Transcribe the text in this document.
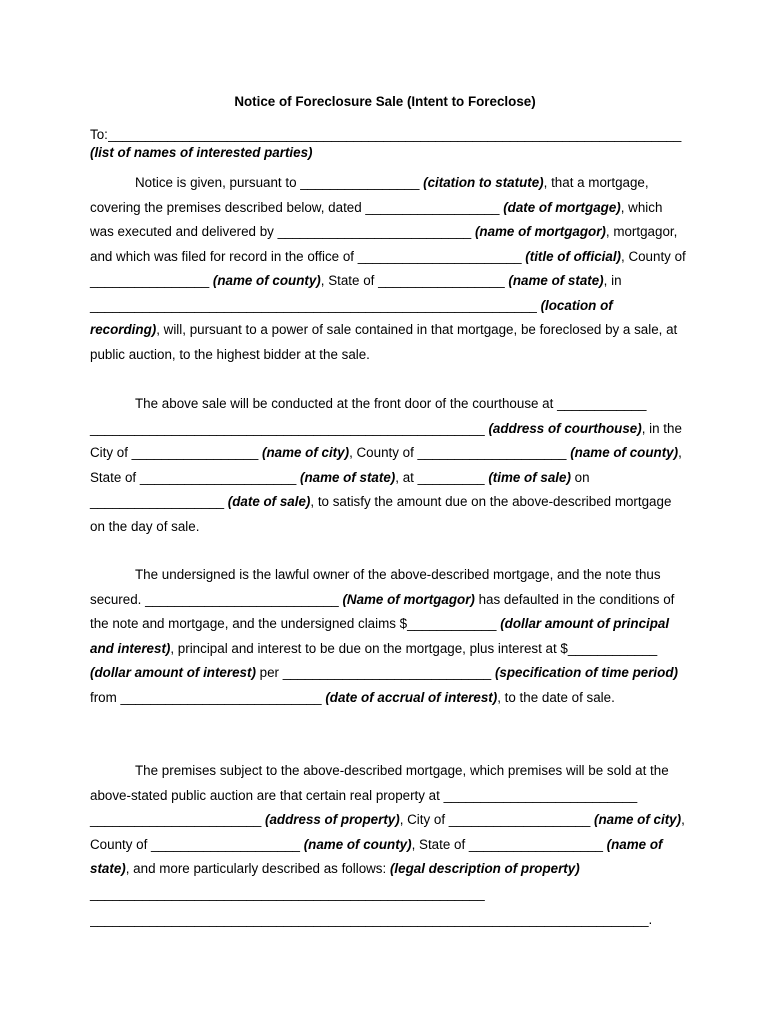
Notice of Foreclosure Sale (Intent to Foreclose)
To: _____________________________________________________________________________
(list of names of interested parties)

Notice is given, pursuant to ________________ (citation to statute), that a mortgage, covering the premises described below, dated __________________ (date of mortgage), which was executed and delivered by __________________________ (name of mortgagor), mortgagor, and which was filed for record in the office of ______________________ (title of official), County of ________________ (name of county), State of _________________ (name of state), in ____________________________________________________________ (location of recording), will, pursuant to a power of sale contained in that mortgage, be foreclosed by a sale, at public auction, to the highest bidder at the sale.

The above sale will be conducted at the front door of the courthouse at ____________ _____________________________________________________ (address of courthouse), in the City of _________________ (name of city), County of ____________________ (name of county), State of _____________________ (name of state), at _________ (time of sale) on __________________ (date of sale), to satisfy the amount due on the above-described mortgage on the day of sale.

The undersigned is the lawful owner of the above-described mortgage, and the note thus secured. __________________________ (Name of mortgagor) has defaulted in the conditions of the note and mortgage, and the undersigned claims $____________ (dollar amount of principal and interest), principal and interest to be due on the mortgage, plus interest at $____________ (dollar amount of interest) per ____________________________ (specification of time period) from ___________________________ (date of accrual of interest), to the date of sale.

The premises subject to the above-described mortgage, which premises will be sold at the above-stated public auction are that certain real property at __________________________ _______________________ (address of property), City of ___________________ (name of city), County of ____________________ (name of county), State of __________________ (name of state), and more particularly described as follows: (legal description of property) _____________________________________________________

___________________________________________________________________________.
